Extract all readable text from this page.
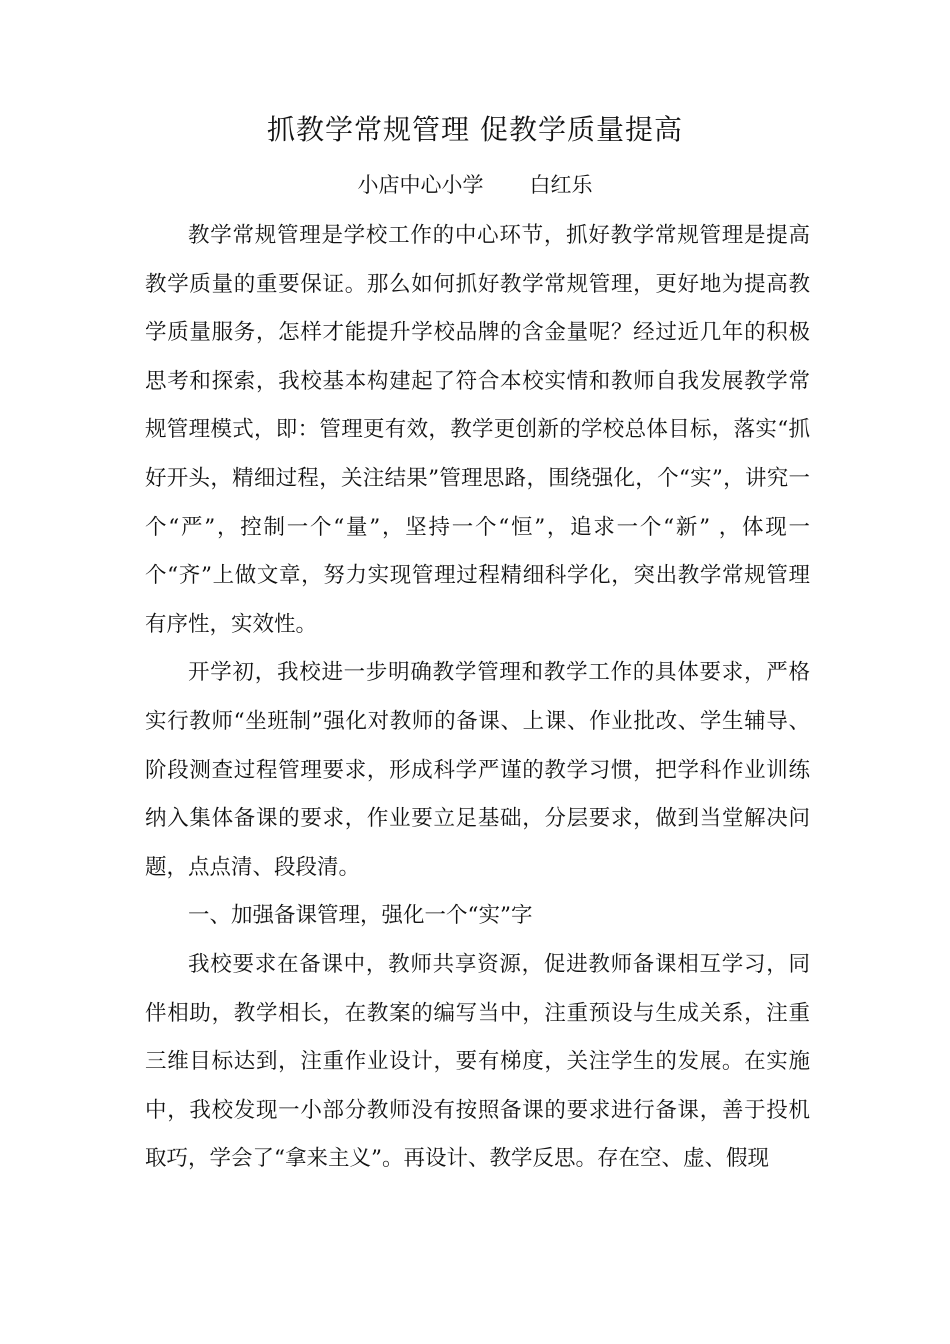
抓教学常规管理 促教学质量提高
小店中心小学 白红乐

教学常规管理是学校工作的中心环节，抓好教学常规管理是提高教学质量的重要保证。那么如何抓好教学常规管理，更好地为提高教学质量服务，怎样才能提升学校品牌的含金量呢？经过近几年的积极思考和探索，我校基本构建起了符合本校实情和教师自我发展教学常规管理模式，即：管理更有效，教学更创新的学校总体目标，落实“抓好开头，精细过程，关注结果”管理思路，围绕强化，个“实”，讲究一个“严”，控制一个“量”，坚持一个“恒”，追求一个“新” ，体现一个“齐”上做文章，努力实现管理过程精细科学化，突出教学常规管理有序性，实效性。

开学初，我校进一步明确教学管理和教学工作的具体要求，严格实行教师“坐班制”强化对教师的备课、上课、作业批改、学生辅导、阶段测查过程管理要求，形成科学严谨的教学习惯，把学科作业训练纳入集体备课的要求，作业要立足基础，分层要求，做到当堂解决问题，点点清、段段清。

一、加强备课管理，强化一个“实”字

我校要求在备课中，教师共享资源，促进教师备课相互学习，同伴相助，教学相长，在教案的编写当中，注重预设与生成关系，注重三维目标达到，注重作业设计，要有梯度，关注学生的发展。在实施中，我校发现一小部分教师没有按照备课的要求进行备课，善于投机取巧，学会了“拿来主义”。再设计、教学反思。存在空、虚、假现
